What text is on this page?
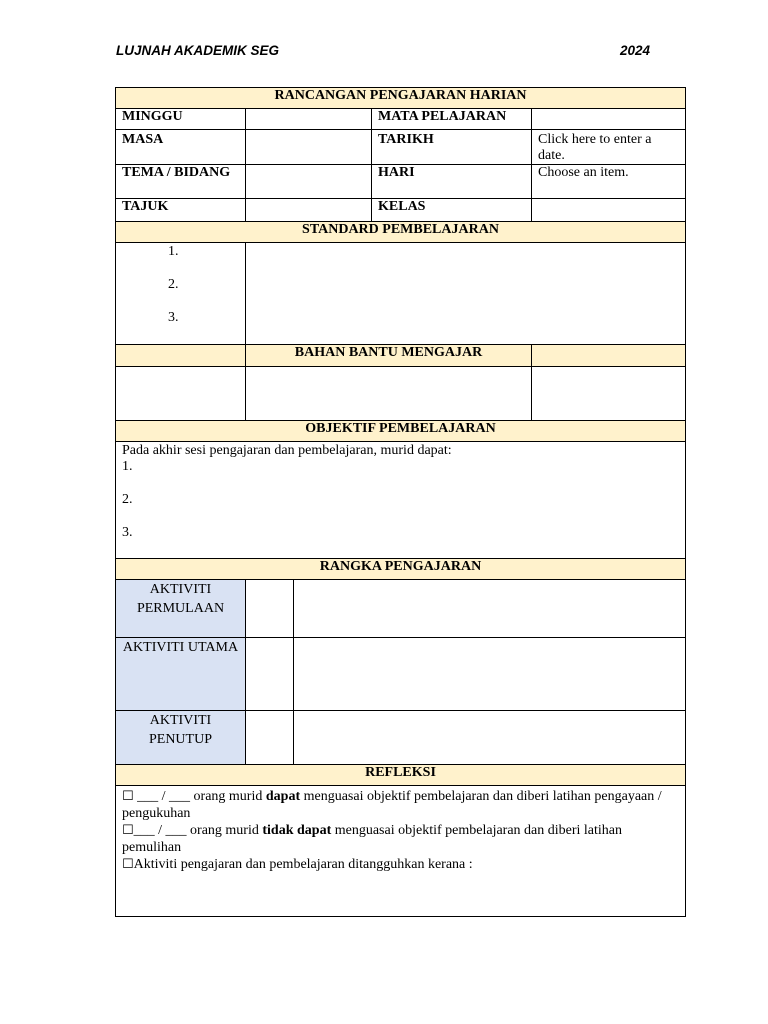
LUJNAH AKADEMIK SEG	2024
RANCANGAN PENGAJARAN HARIAN				
MINGGU			MATA PELAJARAN	
MASA			TARIKH	Click here to enter a date.
TEMA / BIDANG			HARI	Choose an item.
TAJUK			KELAS	
STANDARD PEMBELAJARAN				

1.
2.
3.				

	BAHAN BANTU MENGAJAR			

OBJEKTIF PEMBELAJARAN				

Pada akhir sesi pengajaran dan pembelajaran, murid dapat:
1.
2.
3.				

RANGKA PENGAJARAN				
AKTIVITI PERMULAAN				
AKTIVITI UTAMA				
AKTIVITI PENUTUP				
REFLEKSI				

☐ ___ / ___ orang murid dapat menguasai objektif pembelajaran dan diberi latihan pengayaan / pengukuhan
☐___ / ___ orang murid tidak dapat menguasai objektif pembelajaran dan diberi latihan pemulihan
☐Aktiviti pengajaran dan pembelajaran ditangguhkan kerana :				
